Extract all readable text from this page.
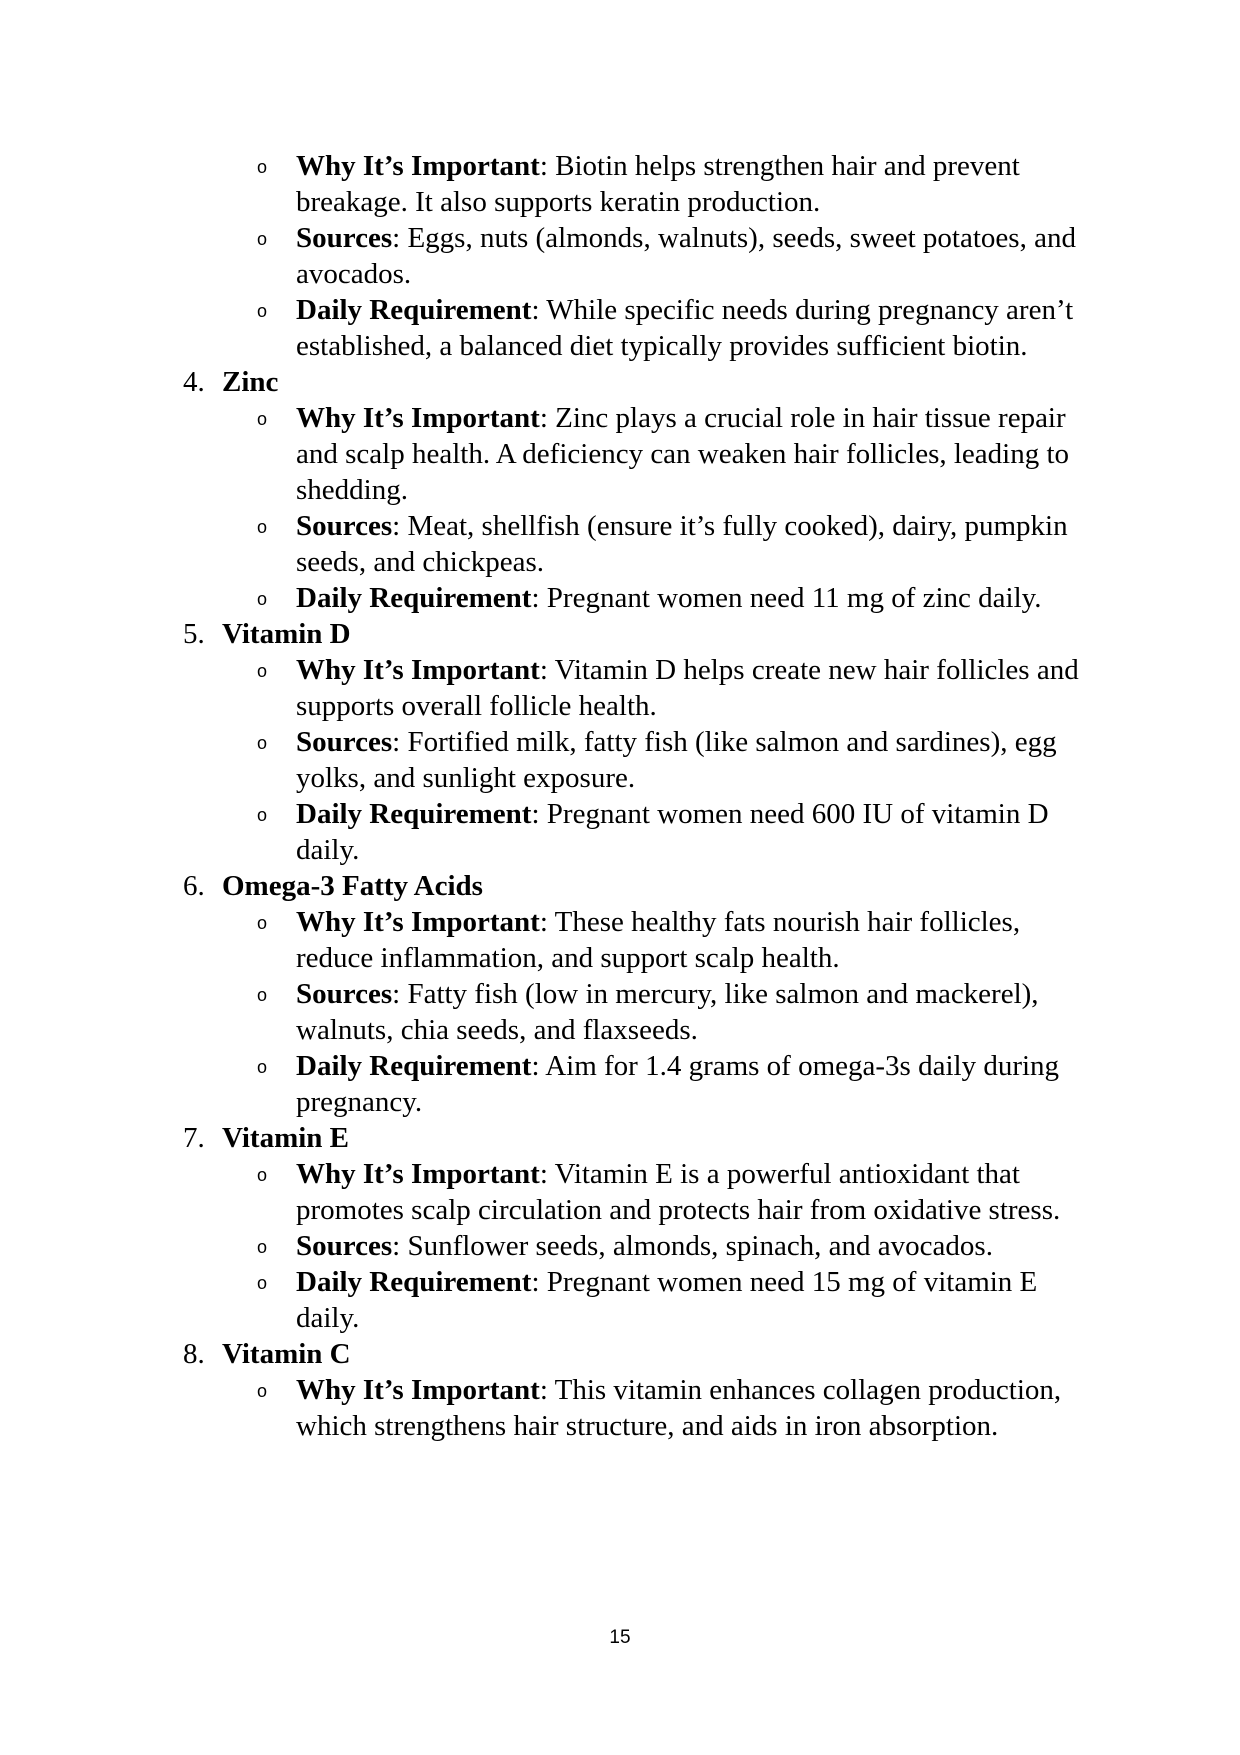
o Why It’s Important: Biotin helps strengthen hair and prevent breakage. It also supports keratin production.
o Sources: Eggs, nuts (almonds, walnuts), seeds, sweet potatoes, and avocados.
o Daily Requirement: While specific needs during pregnancy aren’t established, a balanced diet typically provides sufficient biotin.
4. Zinc
o Why It’s Important: Zinc plays a crucial role in hair tissue repair and scalp health. A deficiency can weaken hair follicles, leading to shedding.
o Sources: Meat, shellfish (ensure it’s fully cooked), dairy, pumpkin seeds, and chickpeas.
o Daily Requirement: Pregnant women need 11 mg of zinc daily.
5. Vitamin D
o Why It’s Important: Vitamin D helps create new hair follicles and supports overall follicle health.
o Sources: Fortified milk, fatty fish (like salmon and sardines), egg yolks, and sunlight exposure.
o Daily Requirement: Pregnant women need 600 IU of vitamin D daily.
6. Omega-3 Fatty Acids
o Why It’s Important: These healthy fats nourish hair follicles, reduce inflammation, and support scalp health.
o Sources: Fatty fish (low in mercury, like salmon and mackerel), walnuts, chia seeds, and flaxseeds.
o Daily Requirement: Aim for 1.4 grams of omega-3s daily during pregnancy.
7. Vitamin E
o Why It’s Important: Vitamin E is a powerful antioxidant that promotes scalp circulation and protects hair from oxidative stress.
o Sources: Sunflower seeds, almonds, spinach, and avocados.
o Daily Requirement: Pregnant women need 15 mg of vitamin E daily.
8. Vitamin C
o Why It’s Important: This vitamin enhances collagen production, which strengthens hair structure, and aids in iron absorption.
15
